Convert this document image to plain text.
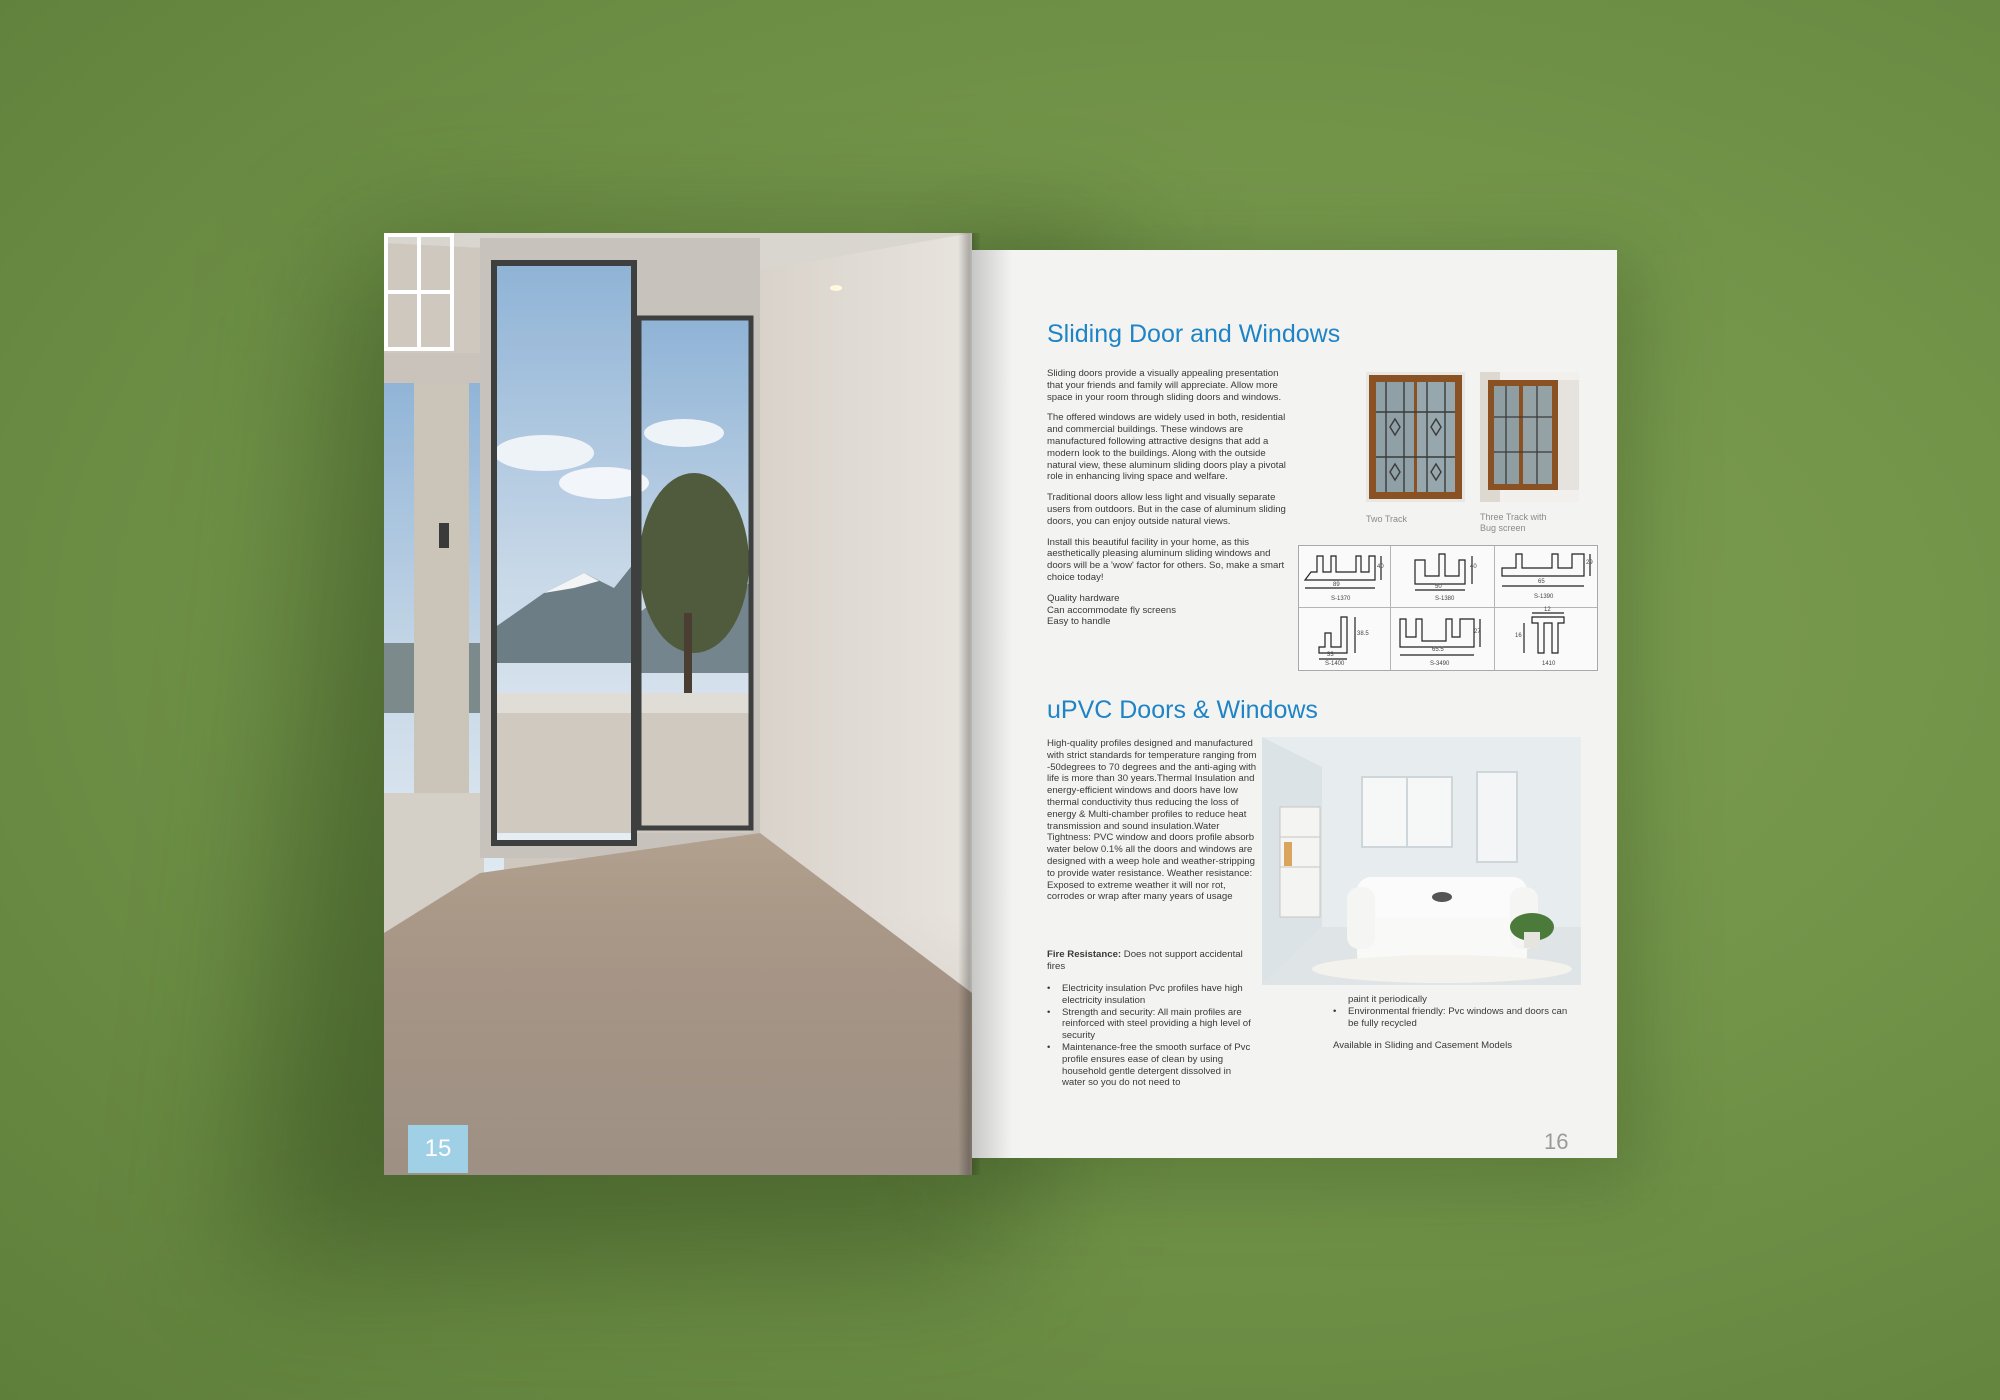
15
Sliding Door and Windows

Sliding doors provide a visually appealing presentation that your friends and family will appreciate. Allow more space in your room through sliding doors and windows.

The offered windows are widely used in both, residential and commercial buildings. These windows are manufactured following attractive designs that add a modern look to the buildings. Along with the outside natural view, these aluminum sliding doors play a pivotal role in enhancing living space and welfare.

Traditional doors allow less light and visually separate users from outdoors. But in the case of aluminum sliding doors, you can enjoy outside natural views.

Install this beautiful facility in your home, as this aesthetically pleasing aluminum sliding windows and doors will be a 'wow' factor for others. So, make a smart choice today!

Quality hardware
Can accommodate fly screens
Easy to handle
Two Track	Three Track with
Bug screen
89
40
S-1370
50
40
S-1380
65
29
S-1390
33
38.5
S-1400
65.5
27
S-3490
12
16
1410
uPVC Doors & Windows
High-quality profiles designed and manufactured with strict standards for temperature ranging from -50degrees to 70 degrees and the anti-aging with life is more than 30 years.Thermal Insulation and energy-efficient windows and doors have low thermal conductivity thus reducing the loss of energy & Multi-chamber profiles to reduce heat transmission and sound insulation.Water Tightness: PVC window and doors profile absorb water below 0.1% all the doors and windows are designed with a weep hole and weather-stripping to provide water resistance. Weather resistance: Exposed to extreme weather it will nor rot, corrodes or wrap after many years of usage
Fire Resistance: Does not support accidental fires
• Electricity insulation Pvc profiles have high electricity insulation
• Strength and security: All main profiles are reinforced with steel providing a high level of security
• Maintenance-free the smooth surface of Pvc profile ensures ease of clean by using household gentle detergent dissolved in water so you do not need to
paint it periodically
• Environmental friendly: Pvc windows and doors can be fully recycled
Available in Sliding and Casement Models
16
